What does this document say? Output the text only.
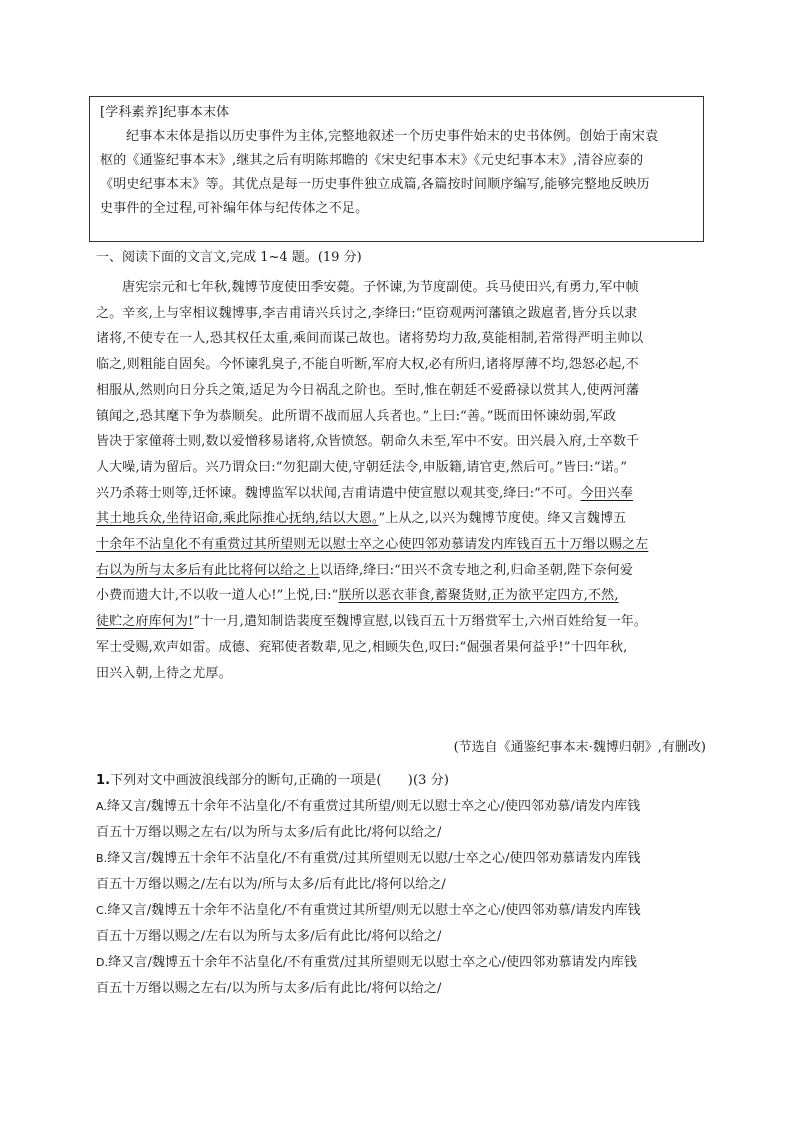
[学科素养]纪事本末体

纪事本末体是指以历史事件为主体,完整地叙述一个历史事件始末的史书体例。创始于南宋袁

枢的《通鉴纪事本末》,继其之后有明陈邦瞻的《宋史纪事本末》《元史纪事本末》,清谷应泰的

《明史纪事本末》等。其优点是每一历史事件独立成篇,各篇按时间顺序编写,能够完整地反映历

史事件的全过程,可补编年体与纪传体之不足。

一、阅读下面的文言文,完成 1~4 题。(19 分)

唐宪宗元和七年秋,魏博节度使田季安薨。子怀谏,为节度副使。兵马使田兴,有勇力,军中帧

之。辛亥,上与宰相议魏博事,李吉甫请兴兵讨之,李绛曰:“臣窃观两河藩镇之跋扈者,皆分兵以隶

诸将,不使专在一人,恐其权任太重,乘间而谋己故也。诸将势均力敌,莫能相制,若常得严明主帅以

临之,则粗能自固矣。今怀谏乳臭子,不能自听断,军府大权,必有所归,诸将厚薄不均,怨怒必起,不

相服从,然则向日分兵之策,适足为今日祸乱之阶也。至时,惟在朝廷不爱爵禄以赏其人,使两河藩

镇闻之,恐其麾下争为恭顺矣。此所谓不战而屈人兵者也。”上曰:“善。”既而田怀谏幼弱,军政

皆决于家僮蒋士则,数以爱憎移易诸将,众皆愤怒。朝命久未至,军中不安。田兴晨入府,士卒数千

人大噪,请为留后。兴乃谓众曰:“勿犯副大使,守朝廷法令,申版籍,请官吏,然后可。”皆曰:“诺。”

兴乃杀蒋士则等,迁怀谏。魏博监军以状闻,吉甫请遣中使宣慰以观其变,绛曰:“不可。今田兴奉

其土地兵众,坐待诏命,乘此际推心抚纳,结以大恩。”上从之,以兴为魏博节度使。绛又言魏博五

十余年不沾皇化不有重赏过其所望则无以慰士卒之心使四邻劝慕请发内库钱百五十万缗以赐之左

右以为所与太多后有此比将何以给之上以语绛,绛曰:“田兴不贪专地之利,归命圣朝,陛下奈何爱

小费而遗大计,不以收一道人心!”上悦,曰:“朕所以恶衣菲食,蓄聚货财,正为欲平定四方,不然,

徒贮之府库何为!”十一月,遣知制诰裴度至魏博宣慰,以钱百五十万缗赏军士,六州百姓给复一年。

军士受赐,欢声如雷。成德、兖郓使者数辈,见之,相顾失色,叹曰:“倔强者果何益乎!”十四年秋,

田兴入朝,上待之尤厚。

(节选自《通鉴纪事本末·魏博归朝》,有删改)

1.下列对文中画波浪线部分的断句,正确的一项是(　　)(3 分)

A.绛又言/魏博五十余年不沾皇化/不有重赏过其所望/则无以慰士卒之心/使四邻劝慕/请发内库钱

百五十万缗以赐之左右/以为所与太多/后有此比/将何以给之/

B.绛又言/魏博五十余年不沾皇化/不有重赏/过其所望则无以慰/士卒之心/使四邻劝慕请发内库钱

百五十万缗以赐之/左右以为/所与太多/后有此比/将何以给之/

C.绛又言/魏博五十余年不沾皇化/不有重赏过其所望/则无以慰士卒之心/使四邻劝慕/请发内库钱

百五十万缗以赐之/左右以为所与太多/后有此比/将何以给之/

D.绛又言/魏博五十余年不沾皇化/不有重赏/过其所望则无以慰士卒之心/使四邻劝慕请发内库钱

百五十万缗以赐之左右/以为所与太多/后有此比/将何以给之/
